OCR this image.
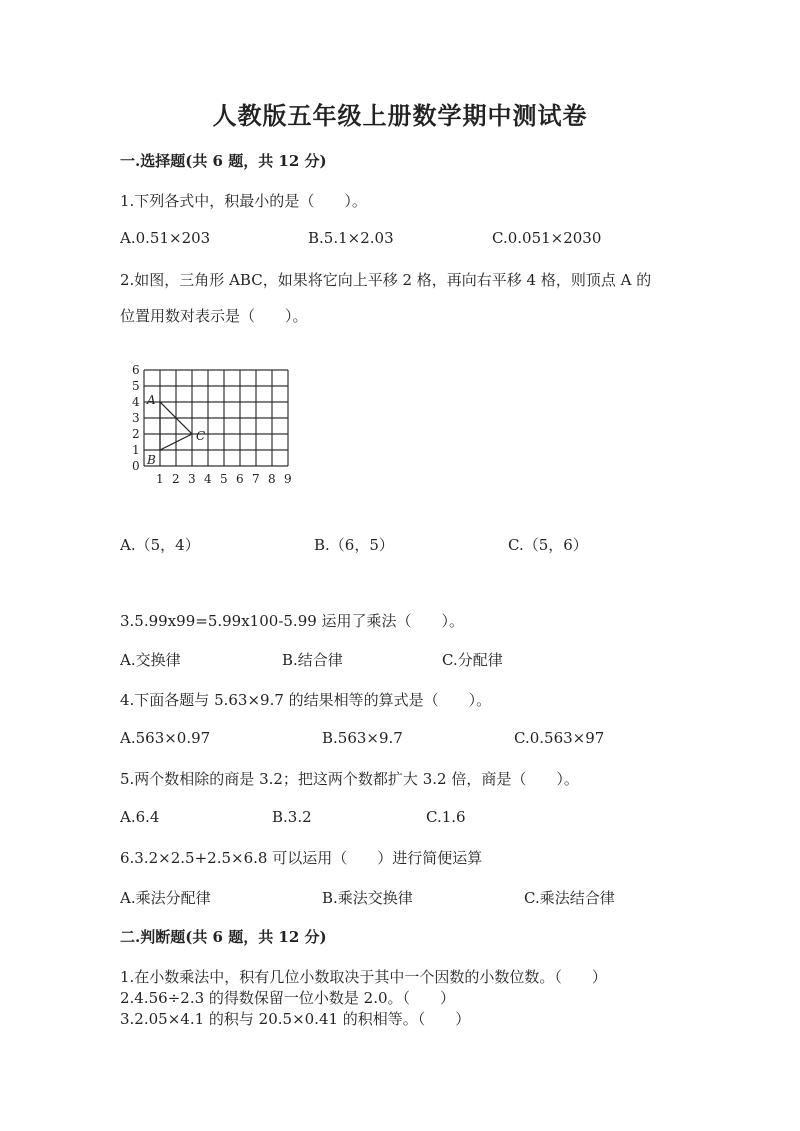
人教版五年级上册数学期中测试卷
一.选择题(共 6 题，共 12 分)
1.下列各式中，积最小的是（　　）。
A.0.51×203	B.5.1×2.03	C.0.051×2030
2.如图，三角形 ABC，如果将它向上平移 2 格，再向右平移 4 格，则顶点 A 的
位置用数对表示是（　　）。
6
5
4
3
2
1
0
1 2 3 4 5 6 7 8 9
A
B
C
A.（5，4）	B.（6，5）	C.（5，6）
3.5.99x99=5.99x100-5.99 运用了乘法（　　）。
A.交换律	B.结合律	C.分配律
4.下面各题与 5.63×9.7 的结果相等的算式是（　　）。
A.563×0.97	B.563×9.7	C.0.563×97
5.两个数相除的商是 3.2；把这两个数都扩大 3.2 倍，商是（　　）。
A.6.4	B.3.2	C.1.6
6.3.2×2.5+2.5×6.8 可以运用（　　）进行简便运算
A.乘法分配律	B.乘法交换律	C.乘法结合律
二.判断题(共 6 题，共 12 分)
1.在小数乘法中，积有几位小数取决于其中一个因数的小数位数。（　　）
2.4.56÷2.3 的得数保留一位小数是 2.0。（　　）
3.2.05×4.1 的积与 20.5×0.41 的积相等。（　　）
